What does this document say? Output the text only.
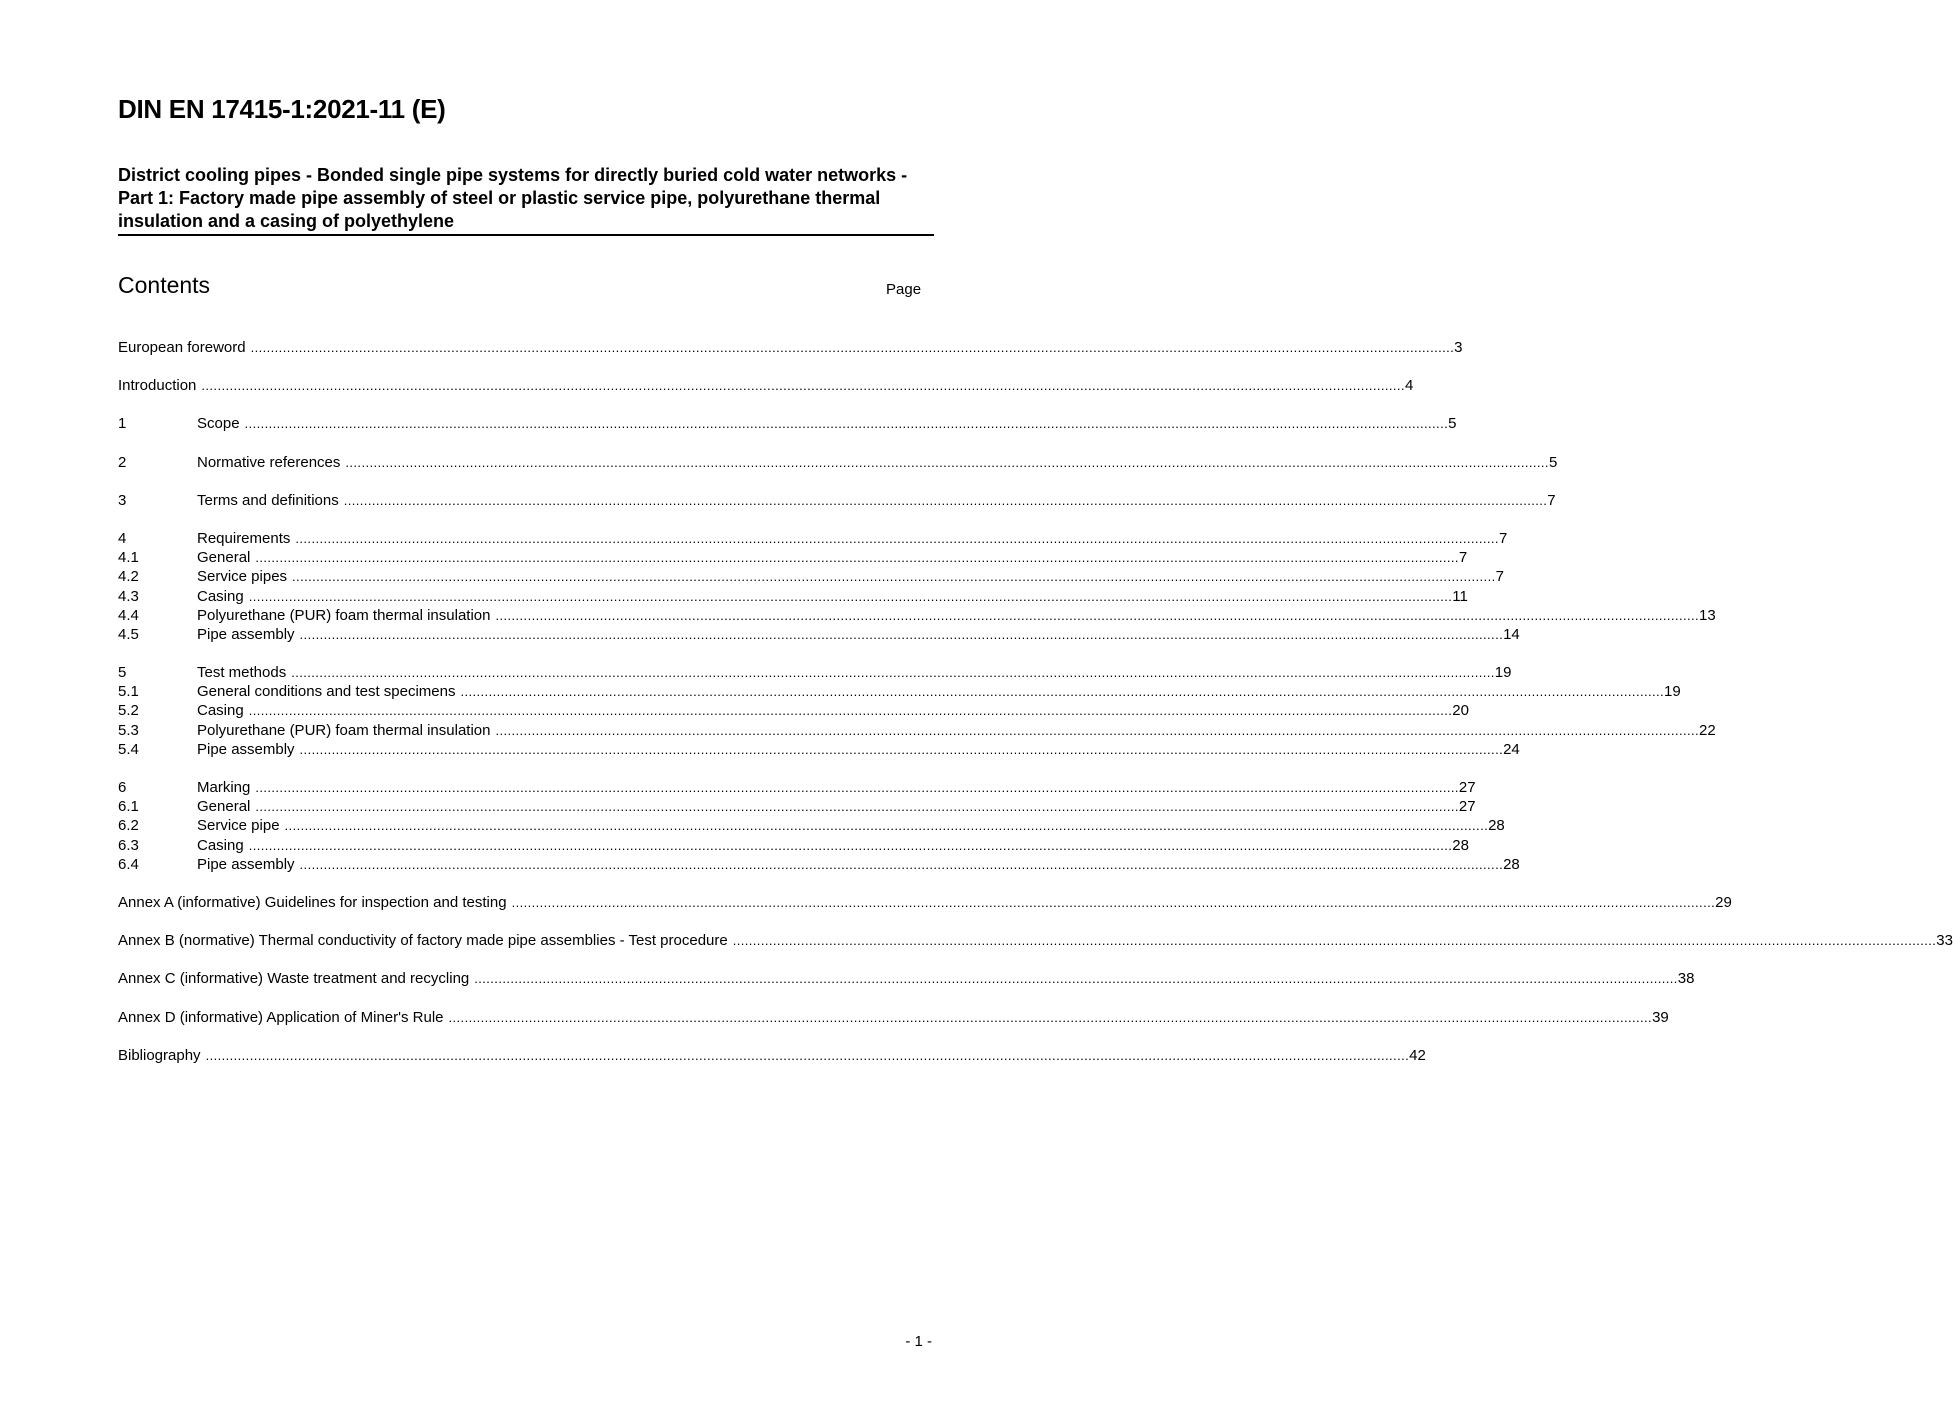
DIN EN 17415-1:2021-11 (E)
District cooling pipes - Bonded single pipe systems for directly buried cold water networks - Part 1: Factory made pipe assembly of steel or plastic service pipe, polyurethane thermal insulation and a casing of polyethylene
Contents	Page
European foreword ............................................................................................................................................................................................................................................................................................................ 3
Introduction ............................................................................................................................................................................................................................................................................................................ 4
1	Scope ............................................................................................................................................................................................................................................................................................................ 5
2	Normative references ............................................................................................................................................................................................................................................................................................................ 5
3	Terms and definitions ............................................................................................................................................................................................................................................................................................................ 7
4	Requirements ............................................................................................................................................................................................................................................................................................................ 7
4.1	General ............................................................................................................................................................................................................................................................................................................ 7
4.2	Service pipes ............................................................................................................................................................................................................................................................................................................ 7
4.3	Casing ............................................................................................................................................................................................................................................................................................................ 11
4.4	Polyurethane (PUR) foam thermal insulation ............................................................................................................................................................................................................................................................................................................ 13
4.5	Pipe assembly ............................................................................................................................................................................................................................................................................................................ 14
5	Test methods ............................................................................................................................................................................................................................................................................................................ 19
5.1	General conditions and test specimens ............................................................................................................................................................................................................................................................................................................ 19
5.2	Casing ............................................................................................................................................................................................................................................................................................................ 20
5.3	Polyurethane (PUR) foam thermal insulation ............................................................................................................................................................................................................................................................................................................ 22
5.4	Pipe assembly ............................................................................................................................................................................................................................................................................................................ 24
6	Marking ............................................................................................................................................................................................................................................................................................................ 27
6.1	General ............................................................................................................................................................................................................................................................................................................ 27
6.2	Service pipe ............................................................................................................................................................................................................................................................................................................ 28
6.3	Casing ............................................................................................................................................................................................................................................................................................................ 28
6.4	Pipe assembly ............................................................................................................................................................................................................................................................................................................ 28
Annex A (informative) Guidelines for inspection and testing ............................................................................................................................................................................................................................................................................................................ 29
Annex B (normative) Thermal conductivity of factory made pipe assemblies - Test procedure ............................................................................................................................................................................................................................................................................................................ 33
Annex C (informative) Waste treatment and recycling ............................................................................................................................................................................................................................................................................................................ 38
Annex D (informative) Application of Miner's Rule ............................................................................................................................................................................................................................................................................................................ 39
Bibliography ............................................................................................................................................................................................................................................................................................................ 42
- 1 -
